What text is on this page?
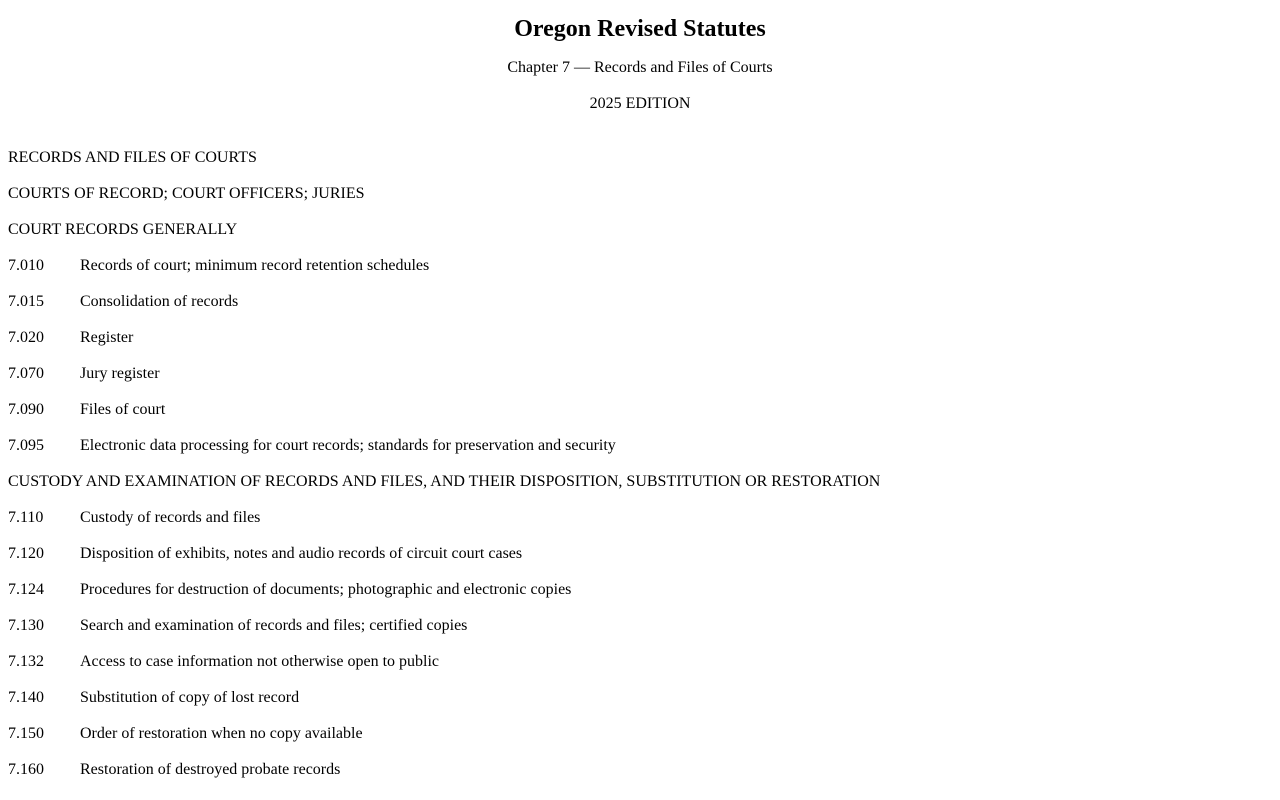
Oregon Revised Statutes

Chapter 7 — Records and Files of Courts

2025 EDITION

RECORDS AND FILES OF COURTS
COURTS OF RECORD; COURT OFFICERS; JURIES
COURT RECORDS GENERALLY
7.010 Records of court; minimum record retention schedules
7.015 Consolidation of records
7.020 Register
7.070 Jury register
7.090 Files of court
7.095 Electronic data processing for court records; standards for preservation and security
CUSTODY AND EXAMINATION OF RECORDS AND FILES, AND THEIR DISPOSITION, SUBSTITUTION OR RESTORATION
7.110 Custody of records and files
7.120 Disposition of exhibits, notes and audio records of circuit court cases
7.124 Procedures for destruction of documents; photographic and electronic copies
7.130 Search and examination of records and files; certified copies
7.132 Access to case information not otherwise open to public
7.140 Substitution of copy of lost record
7.150 Order of restoration when no copy available
7.160 Restoration of destroyed probate records
